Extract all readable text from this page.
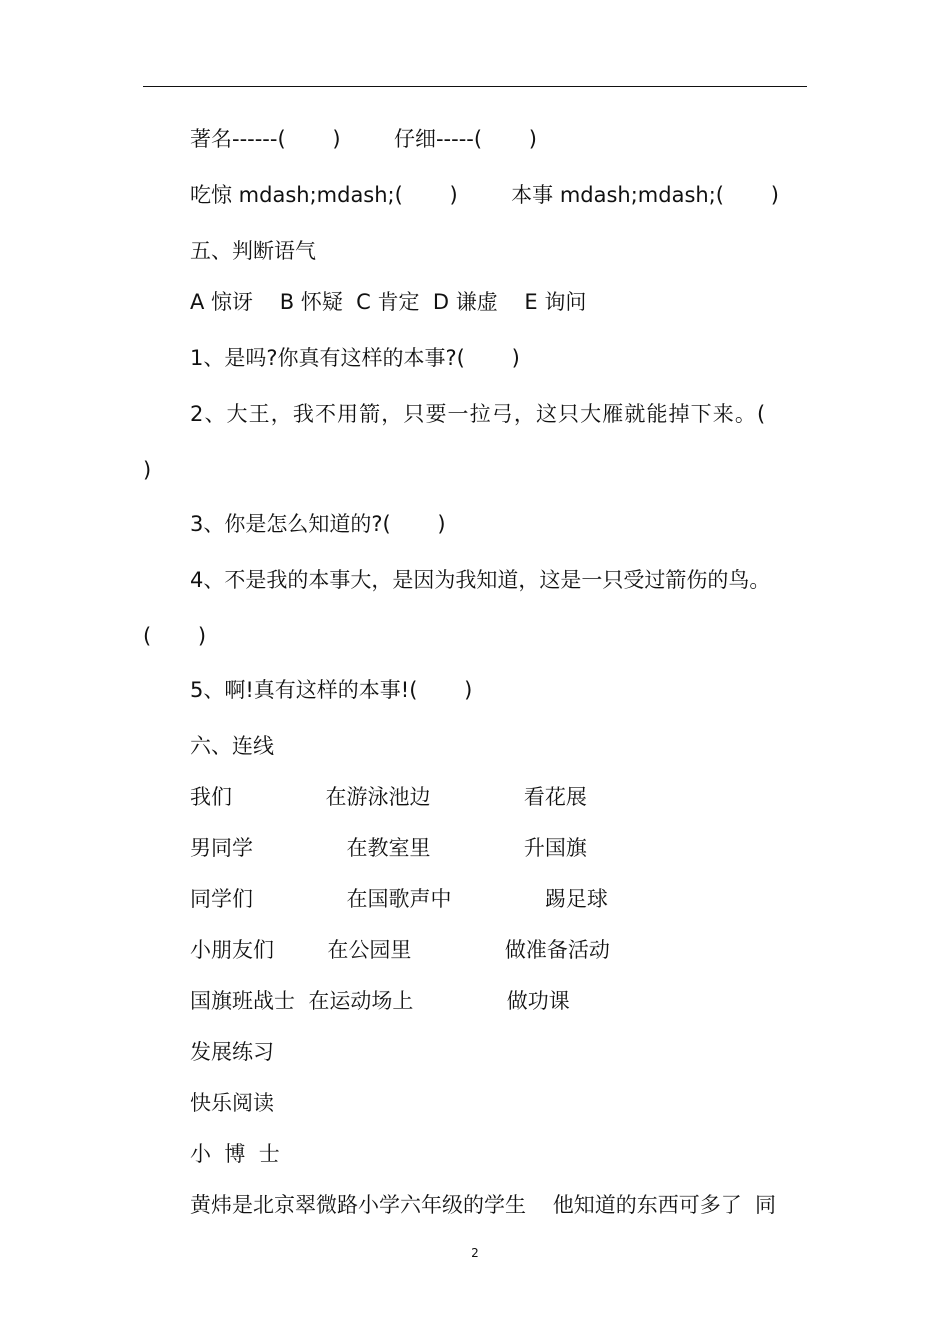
著名------(       )        仔细-----(       )
吃惊 mdash;mdash;(       )        本事 mdash;mdash;(       )
五、判断语气
A 惊讶    B 怀疑  C 肯定  D 谦虚    E 询问
1、是吗?你真有这样的本事?(       )
2、大王，我不用箭，只要一拉弓，这只大雁就能掉下来。(
)
3、你是怎么知道的?(       )
4、不是我的本事大，是因为我知道，这是一只受过箭伤的鸟。
(       )
5、啊!真有这样的本事!(       )
六、连线
我们              在游泳池边              看花展
男同学              在教室里              升国旗
同学们              在国歌声中              踢足球
小朋友们        在公园里              做准备活动
国旗班战士  在运动场上              做功课
发展练习
快乐阅读
小  博  士
黄炜是北京翠微路小学六年级的学生    他知道的东西可多了  同
2
